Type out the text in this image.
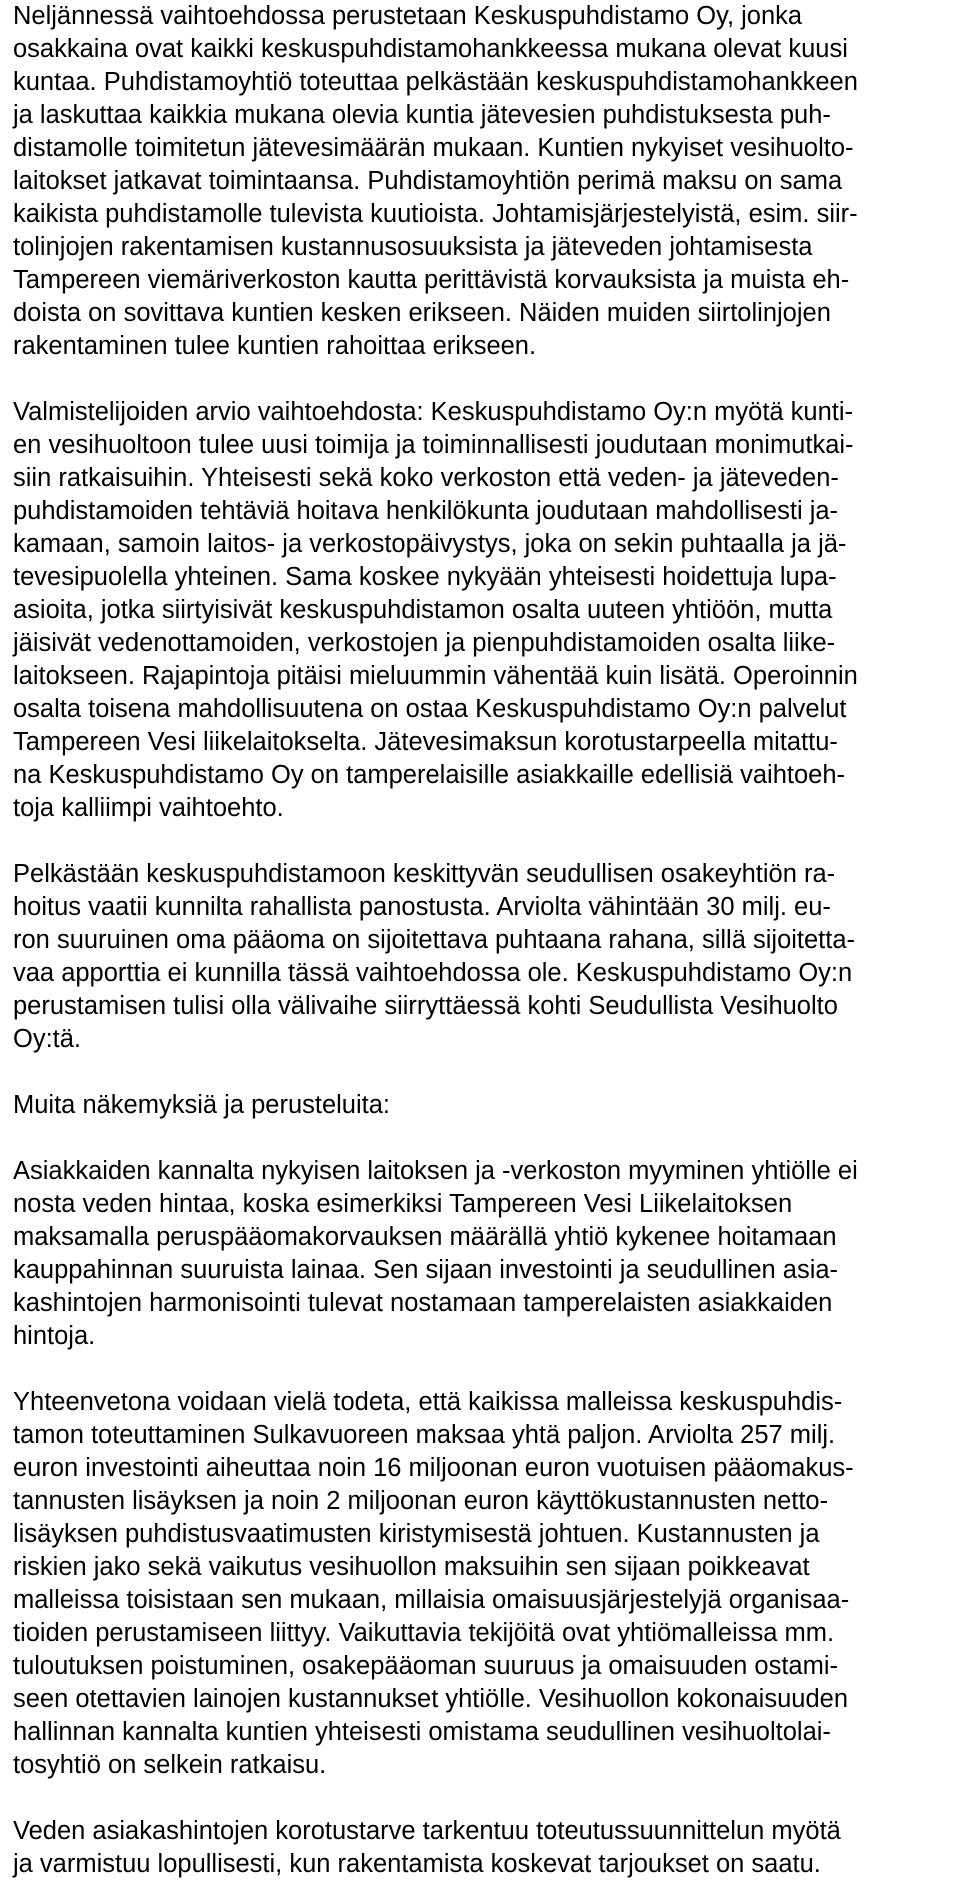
Neljännessä vaihtoehdossa perustetaan Keskuspuhdistamo Oy, jonka
osakkaina ovat kaikki keskuspuhdistamohankkeessa mukana olevat kuusi
kuntaa. Puhdistamoyhtiö toteuttaa pelkästään keskuspuhdistamohankkeen
ja laskuttaa kaikkia mukana olevia kuntia jätevesien puhdistuksesta puh-
distamolle toimitetun jätevesimäärän mukaan. Kuntien nykyiset vesihuolto-
laitokset jatkavat toimintaansa. Puhdistamoyhtiön perimä maksu on sama
kaikista puhdistamolle tulevista kuutioista. Johtamisjärjestelyistä, esim. siir-
tolinjojen rakentamisen kustannusosuuksista ja jäteveden johtamisesta
Tampereen viemäriverkoston kautta perittävistä korvauksista ja muista eh-
doista on sovittava kuntien kesken erikseen. Näiden muiden siirtolinjojen
rakentaminen tulee kuntien rahoittaa erikseen.
Valmistelijoiden arvio vaihtoehdosta: Keskuspuhdistamo Oy:n myötä kunti-
en vesihuoltoon tulee uusi toimija ja toiminnallisesti joudutaan monimutkai-
siin ratkaisuihin. Yhteisesti sekä koko verkoston että veden- ja jäteveden-
puhdistamoiden tehtäviä hoitava henkilökunta joudutaan mahdollisesti ja-
kamaan, samoin laitos- ja verkostopäivystys, joka on sekin puhtaalla ja jä-
tevesipuolella yhteinen. Sama koskee nykyään yhteisesti hoidettuja lupa-
asioita, jotka siirtyisivät keskuspuhdistamon osalta uuteen yhtiöön, mutta
jäisivät vedenottamoiden, verkostojen ja pienpuhdistamoiden osalta liike-
laitokseen. Rajapintoja pitäisi mieluummin vähentää kuin lisätä. Operoinnin
osalta toisena mahdollisuutena on ostaa Keskuspuhdistamo Oy:n palvelut
Tampereen Vesi liikelaitokselta. Jätevesimaksun korotustarpeella mitattu-
na Keskuspuhdistamo Oy on tamperelaisille asiakkaille edellisiä vaihtoeh-
toja kalliimpi vaihtoehto.
Pelkästään keskuspuhdistamoon keskittyvän seudullisen osakeyhtiön ra-
hoitus vaatii kunnilta rahallista panostusta. Arviolta vähintään 30 milj. eu-
ron suuruinen oma pääoma on sijoitettava puhtaana rahana, sillä sijoitetta-
vaa apporttia ei kunnilla tässä vaihtoehdossa ole. Keskuspuhdistamo Oy:n
perustamisen tulisi olla välivaihe siirryttäessä kohti Seudullista Vesihuolto
Oy:tä.
Muita näkemyksiä ja perusteluita:
Asiakkaiden kannalta nykyisen laitoksen ja -verkoston myyminen yhtiölle ei
nosta veden hintaa, koska esimerkiksi Tampereen Vesi Liikelaitoksen
maksamalla peruspääomakorvauksen määrällä yhtiö kykenee hoitamaan
kauppahinnan suuruista lainaa. Sen sijaan investointi ja seudullinen asia-
kashintojen harmonisointi tulevat nostamaan tamperelaisten asiakkaiden
hintoja.
Yhteenvetona voidaan vielä todeta, että kaikissa malleissa keskuspuhdis-
tamon toteuttaminen Sulkavuoreen maksaa yhtä paljon. Arviolta 257 milj.
euron investointi aiheuttaa noin 16 miljoonan euron vuotuisen pääomakus-
tannusten lisäyksen ja noin 2 miljoonan euron käyttökustannusten netto-
lisäyksen puhdistusvaatimusten kiristymisestä johtuen. Kustannusten ja
riskien jako sekä vaikutus vesihuollon maksuihin sen sijaan poikkeavat
malleissa toisistaan sen mukaan, millaisia omaisuusjärjestelyjä organisaa-
tioiden perustamiseen liittyy. Vaikuttavia tekijöitä ovat yhtiömalleissa mm.
tuloutuksen poistuminen, osakepääoman suuruus ja omaisuuden ostami-
seen otettavien lainojen kustannukset yhtiölle. Vesihuollon kokonaisuuden
hallinnan kannalta kuntien yhteisesti omistama seudullinen vesihuoltolai-
tosyhtiö on selkein ratkaisu.
Veden asiakashintojen korotustarve tarkentuu toteutussuunnittelun myötä
ja varmistuu lopullisesti, kun rakentamista koskevat tarjoukset on saatu.
